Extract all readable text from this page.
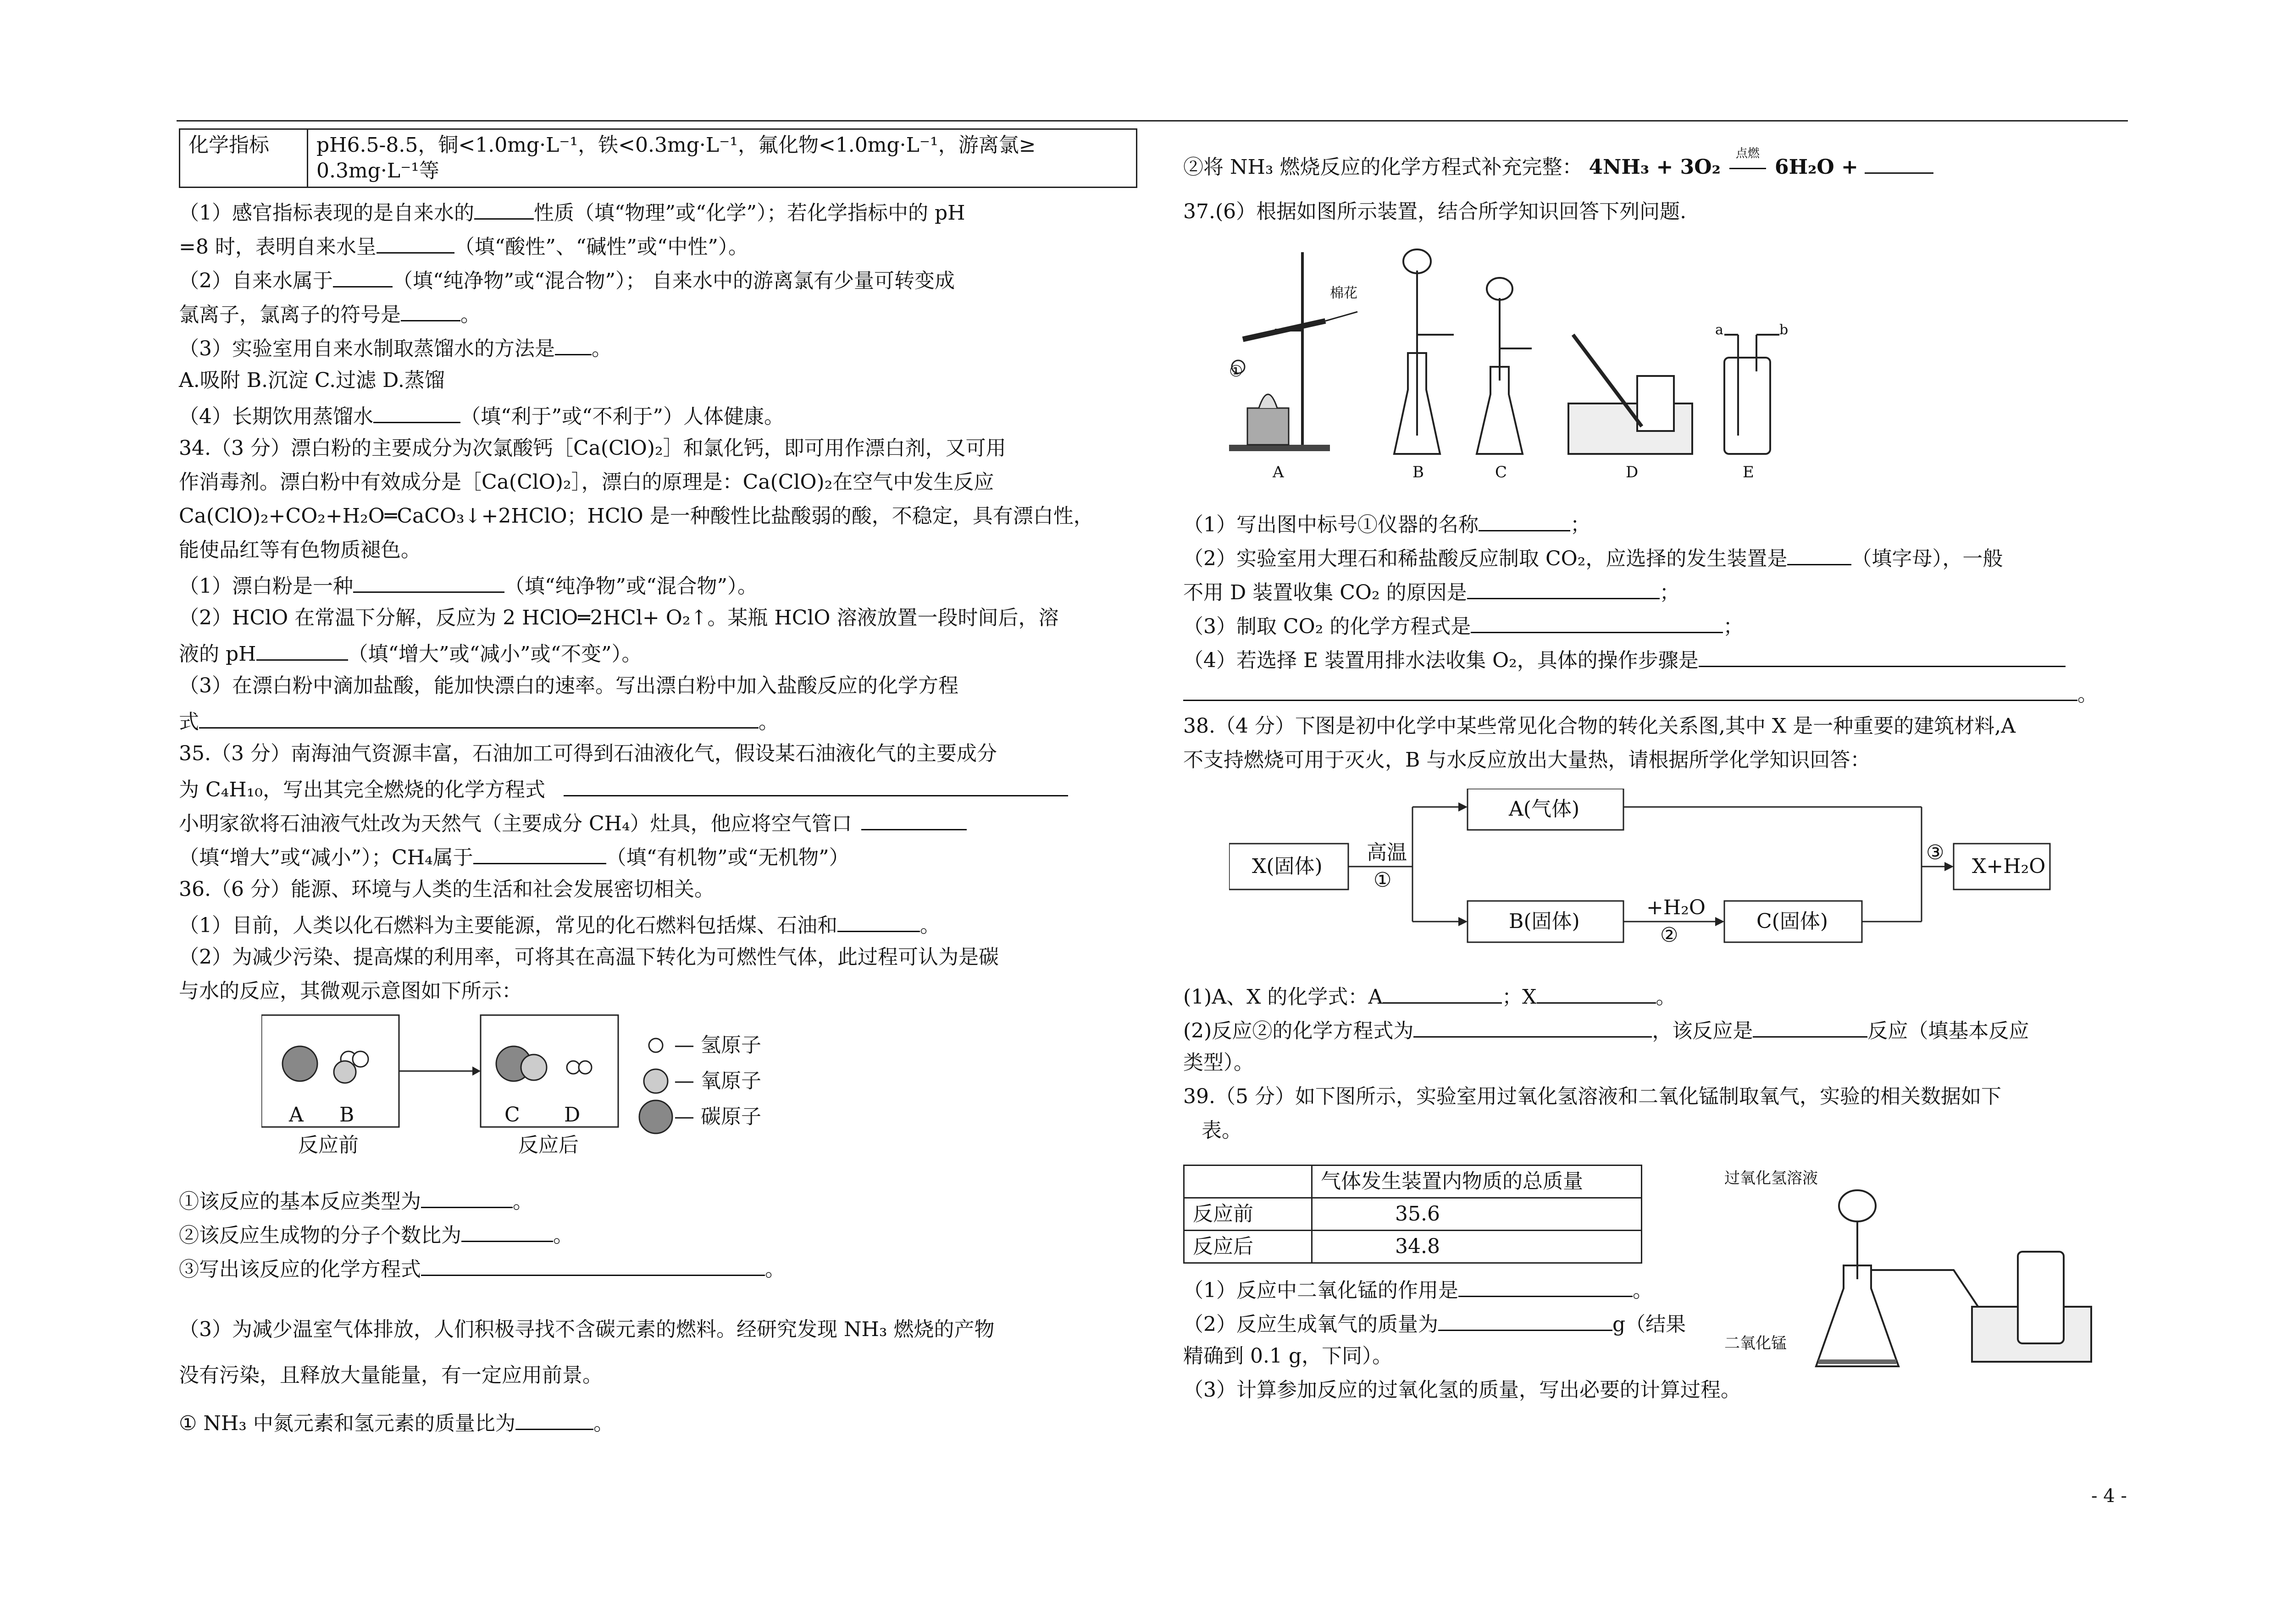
化学指标	pH6.5-8.5，铜<1.0mg·L⁻¹，铁<0.3mg·L⁻¹，氟化物<1.0mg·L⁻¹，游离氯≥
0.3mg·L⁻¹等
（1）感官指标表现的是自来水的	性质（填“物理”或“化学”）；若化学指标中的 pH
=8 时，表明自来水呈	（填“酸性”、“碱性”或“中性”）。
（2）自来水属于	（填“纯净物”或“混合物”）； 自来水中的游离氯有少量可转变成
氯离子，氯离子的符号是	。
（3）实验室用自来水制取蒸馏水的方法是 。
A.吸附 B.沉淀 C.过滤 D.蒸馏
（4）长期饮用蒸馏水	（填“利于”或“不利于”）人体健康。
34.（3 分）漂白粉的主要成分为次氯酸钙［Ca(ClO)₂］和氯化钙，即可用作漂白剂，又可用
作消毒剂。漂白粉中有效成分是［Ca(ClO)₂］，漂白的原理是：Ca(ClO)₂在空气中发生反应
Ca(ClO)₂+CO₂+H₂O═CaCO₃↓+2HClO；HClO 是一种酸性比盐酸弱的酸，不稳定，具有漂白性，
能使品红等有色物质褪色。
（1）漂白粉是一种	（填“纯净物”或“混合物”）。
（2）HClO 在常温下分解，反应为 2 HClO═2HCl+ O₂↑。某瓶 HClO 溶液放置一段时间后，溶
液的 pH	（填“增大”或“减小”或“不变”）。
（3）在漂白粉中滴加盐酸，能加快漂白的速率。写出漂白粉中加入盐酸反应的化学方程
式	。
35.（3 分）南海油气资源丰富，石油加工可得到石油液化气，假设某石油液化气的主要成分
为 C₄H₁₀，写出其完全燃烧的化学方程式
小明家欲将石油液气灶改为天然气（主要成分 CH₄）灶具，他应将空气管口
（填“增大”或“减小”）；CH₄属于	（填“有机物”或“无机物”）
36.（6 分）能源、环境与人类的生活和社会发展密切相关。
（1）目前，人类以化石燃料为主要能源，常见的化石燃料包括煤、石油和	。
（2）为减少污染、提高煤的利用率，可将其在高温下转化为可燃性气体，此过程可认为是碳
与水的反应，其微观示意图如下所示：
A B	C D
反应前	反应后
— 氢原子
— 氧原子
— 碳原子
①该反应的基本反应类型为	。
②该反应生成物的分子个数比为	。
③写出该反应的化学方程式	。
（3）为减少温室气体排放，人们积极寻找不含碳元素的燃料。经研究发现 NH₃ 燃烧的产物
没有污染，且释放大量能量，有一定应用前景。
① NH₃ 中氮元素和氢元素的质量比为	。
②将 NH₃ 燃烧反应的化学方程式补充完整： 4NH₃ + 3O₂
点燃
6H₂O +
37.(6）根据如图所示装置，结合所学知识回答下列问题.
①
棉花
a	b
A	B	C	D	E
（1）写出图中标号①仪器的名称	；
（2）实验室用大理石和稀盐酸反应制取 CO₂，应选择的发生装置是	（填字母），一般
不用 D 装置收集 CO₂ 的原因是	；
（3）制取 CO₂ 的化学方程式是	；
（4）若选择 E 装置用排水法收集 O₂，具体的操作步骤是
。
38.（4 分）下图是初中化学中某些常见化合物的转化关系图,其中 X 是一种重要的建筑材料,A
不支持燃烧可用于灭火，B 与水反应放出大量热，请根据所学化学知识回答：
X(固体)
高温
①
A(气体)
B(固体)
+H₂O
②
C(固体)
③
X+H₂O
(1)A、X 的化学式：A	；X	。
(2)反应②的化学方程式为	，该反应是	反应（填基本反应
类型）。
39.（5 分）如下图所示，实验室用过氧化氢溶液和二氧化锰制取氧气，实验的相关数据如下
表。
	气体发生装置内物质的总质量
反应前	35.6
反应后	34.8
过氧化氢溶液
二氧化锰
（1）反应中二氧化锰的作用是	。
（2）反应生成氧气的质量为	g（结果
精确到 0.1 g，下同）。
（3）计算参加反应的过氧化氢的质量，写出必要的计算过程。
- 4 -
